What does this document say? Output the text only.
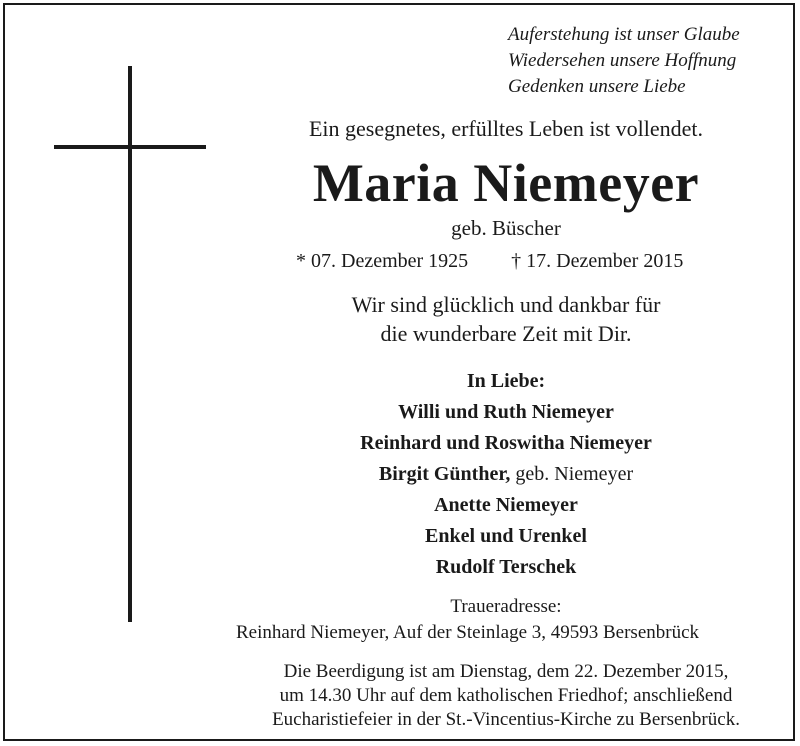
Auferstehung ist unser Glaube
Wiedersehen unsere Hoffnung
Gedenken unsere Liebe
Ein gesegnetes, erfülltes Leben ist vollendet.
Maria Niemeyer
geb. Büscher
* 07. Dezember 1925 † 17. Dezember 2015
Wir sind glücklich und dankbar für
die wunderbare Zeit mit Dir.
In Liebe:
Willi und Ruth Niemeyer
Reinhard und Roswitha Niemeyer
Birgit Günther, geb. Niemeyer
Anette Niemeyer
Enkel und Urenkel
Rudolf Terschek
Traueradresse:
Reinhard Niemeyer, Auf der Steinlage 3, 49593 Bersenbrück
Die Beerdigung ist am Dienstag, dem 22. Dezember 2015,
um 14.30 Uhr auf dem katholischen Friedhof; anschließend
Eucharistiefeier in der St.-Vincentius-Kirche zu Bersenbrück.
